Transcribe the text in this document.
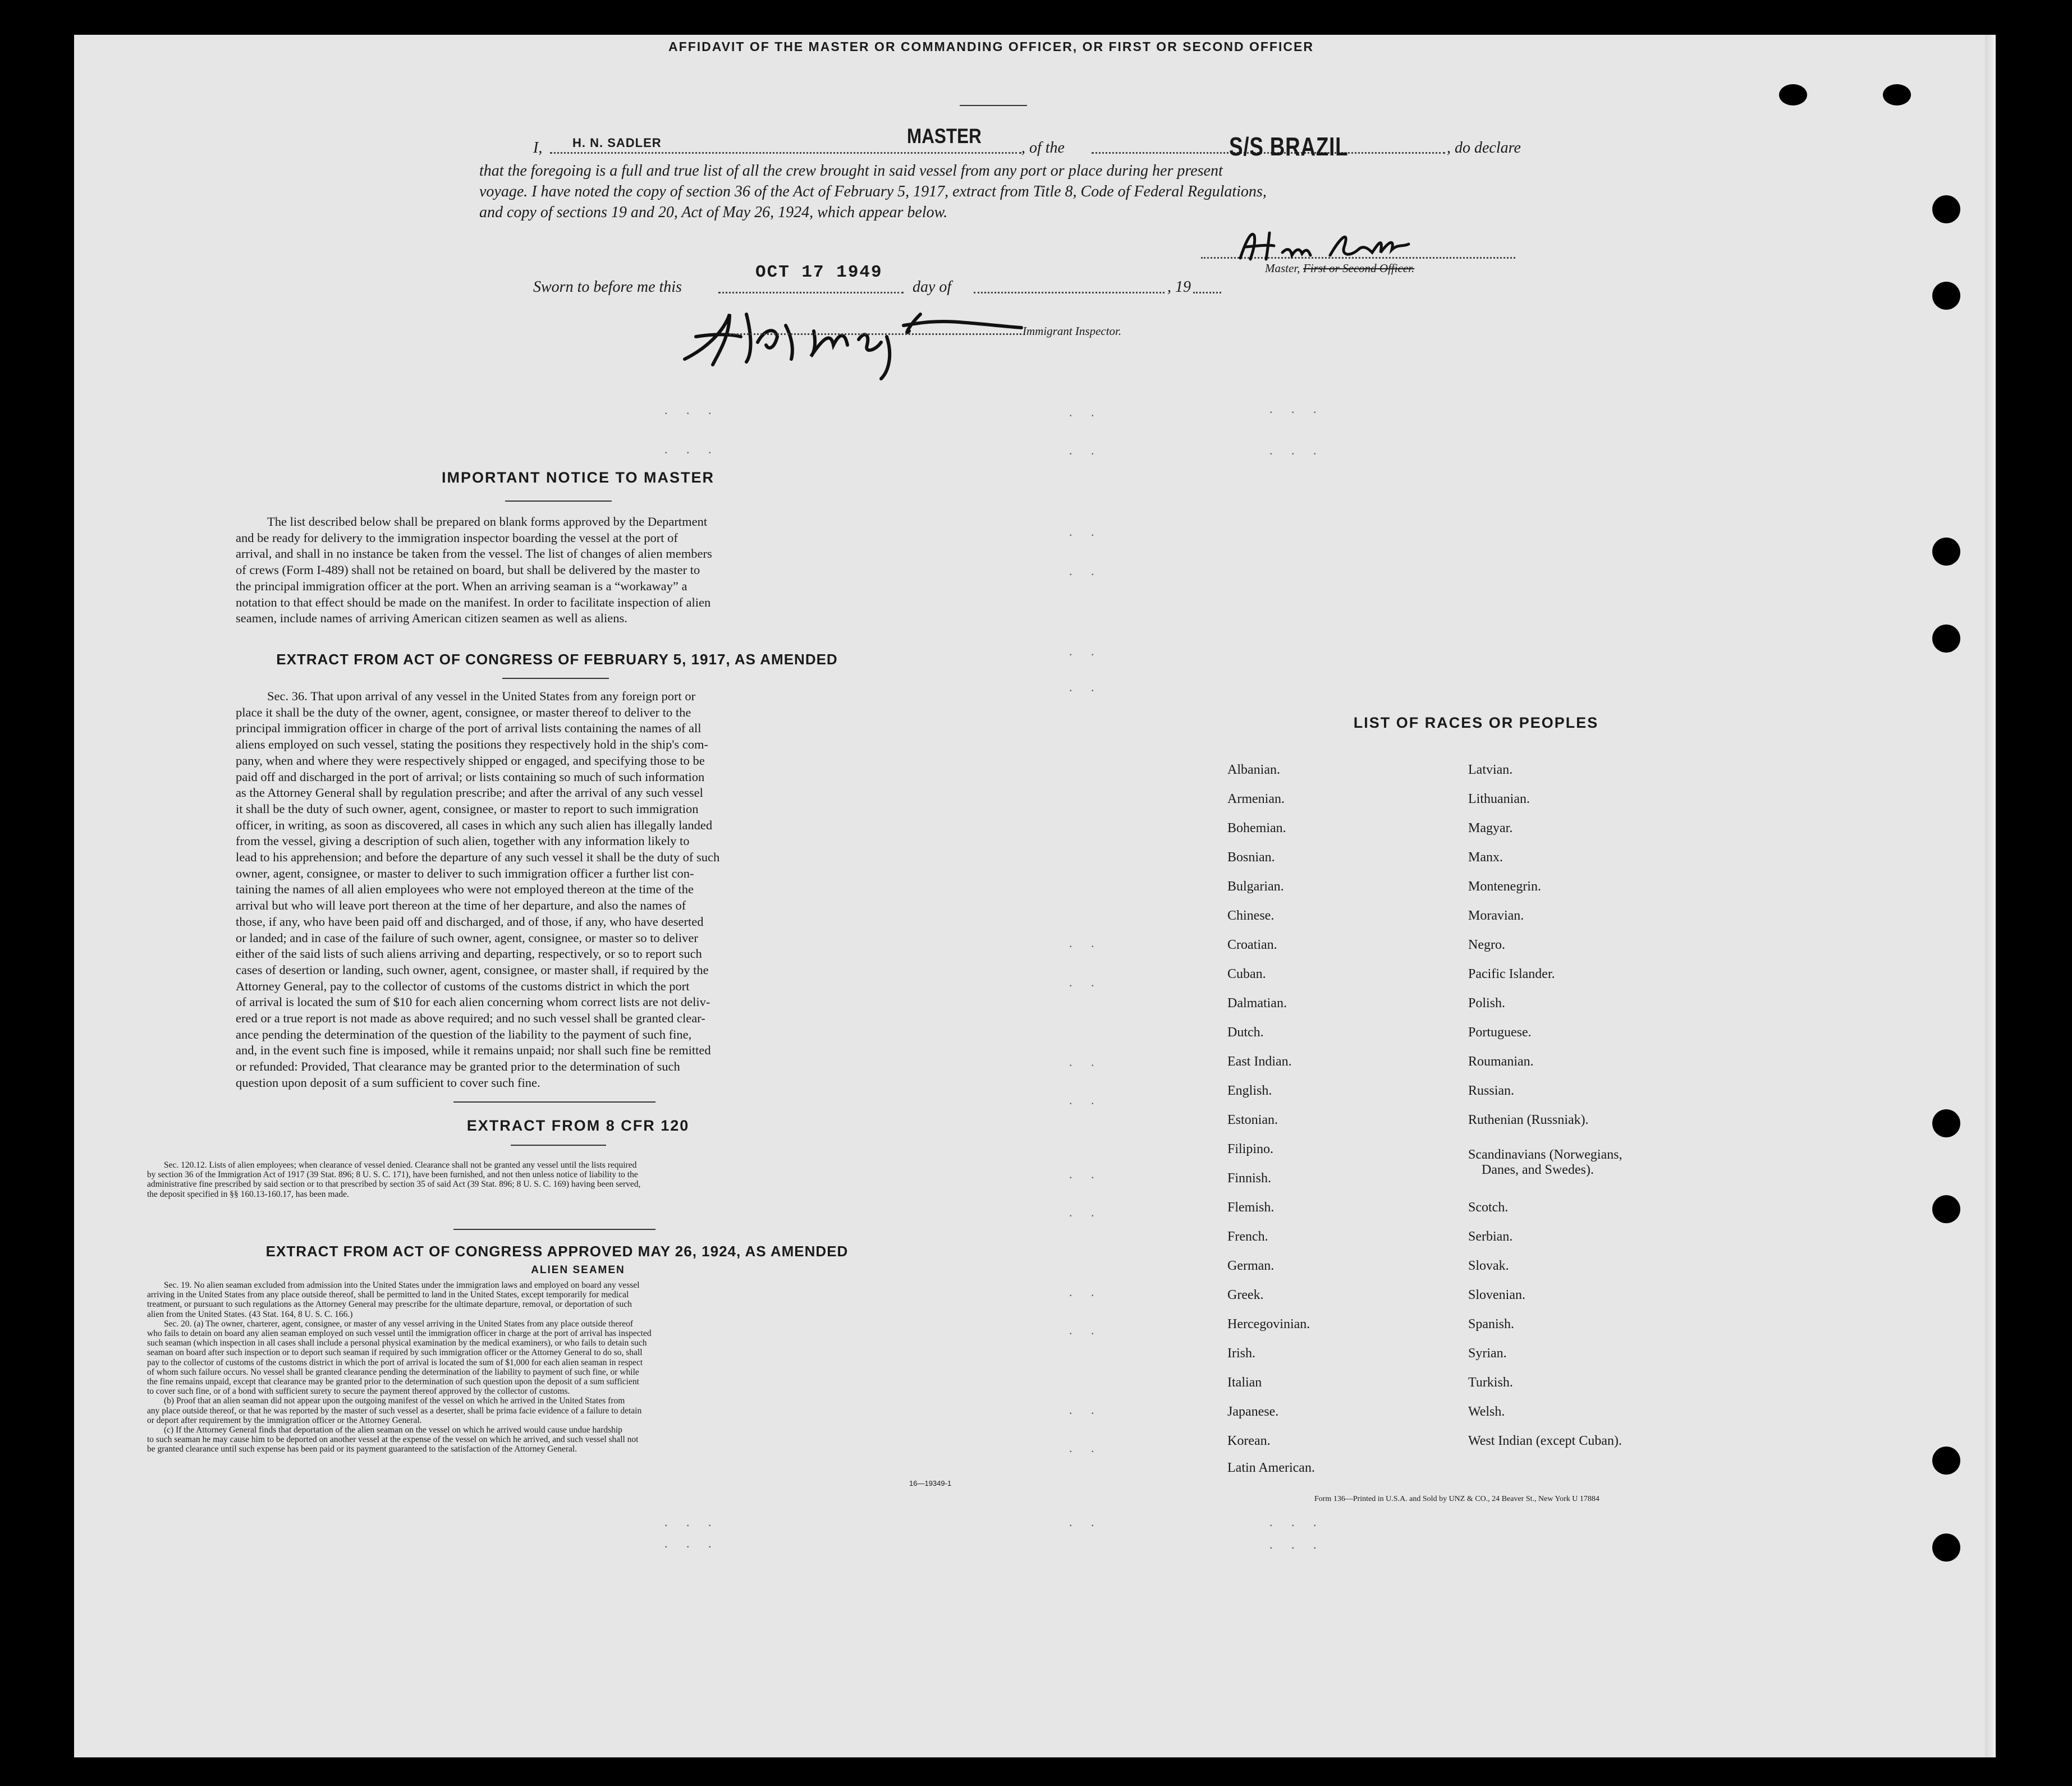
AFFIDAVIT OF THE MASTER OR COMMANDING OFFICER, OR FIRST OR SECOND OFFICER
I, H. N. SADLER	MASTER
, of the	S/S BRAZIL	, do declare
that the foregoing is a full and true list of all the crew brought in said vessel from any port or place during her present
voyage. I have noted the copy of section 36 of the Act of February 5, 1917, extract from Title 8, Code of Federal Regulations,
and copy of sections 19 and 20, Act of May 26, 1924, which appear below.
Master, First or Second Officer.
Sworn to before me this
OCT 17 1949
day of	, 19
Immigrant Inspector.
. . .
. . .
. . .
. . .
. .
. .
. .
. .
. .
. .
. .
. .
. .
. .
. .
. .
. .
. .
. .
. .
. .
. . .
. . .
. . .
. . .
IMPORTANT NOTICE TO MASTER
The list described below shall be prepared on blank forms approved by the Department
and be ready for delivery to the immigration inspector boarding the vessel at the port of
arrival, and shall in no instance be taken from the vessel. The list of changes of alien members
of crews (Form I-489) shall not be retained on board, but shall be delivered by the master to
the principal immigration officer at the port. When an arriving seaman is a “workaway” a
notation to that effect should be made on the manifest. In order to facilitate inspection of alien
seamen, include names of arriving American citizen seamen as well as aliens.
EXTRACT FROM ACT OF CONGRESS OF FEBRUARY 5, 1917, AS AMENDED
Sec. 36. That upon arrival of any vessel in the United States from any foreign port or
place it shall be the duty of the owner, agent, consignee, or master thereof to deliver to the
principal immigration officer in charge of the port of arrival lists containing the names of all
aliens employed on such vessel, stating the positions they respectively hold in the ship's com-
pany, when and where they were respectively shipped or engaged, and specifying those to be
paid off and discharged in the port of arrival; or lists containing so much of such information
as the Attorney General shall by regulation prescribe; and after the arrival of any such vessel
it shall be the duty of such owner, agent, consignee, or master to report to such immigration
officer, in writing, as soon as discovered, all cases in which any such alien has illegally landed
from the vessel, giving a description of such alien, together with any information likely to
lead to his apprehension; and before the departure of any such vessel it shall be the duty of such
owner, agent, consignee, or master to deliver to such immigration officer a further list con-
taining the names of all alien employees who were not employed thereon at the time of the
arrival but who will leave port thereon at the time of her departure, and also the names of
those, if any, who have been paid off and discharged, and of those, if any, who have deserted
or landed; and in case of the failure of such owner, agent, consignee, or master so to deliver
either of the said lists of such aliens arriving and departing, respectively, or so to report such
cases of desertion or landing, such owner, agent, consignee, or master shall, if required by the
Attorney General, pay to the collector of customs of the customs district in which the port
of arrival is located the sum of $10 for each alien concerning whom correct lists are not deliv-
ered or a true report is not made as above required; and no such vessel shall be granted clear-
ance pending the determination of the question of the liability to the payment of such fine,
and, in the event such fine is imposed, while it remains unpaid; nor shall such fine be remitted
or refunded: Provided, That clearance may be granted prior to the determination of such
question upon deposit of a sum sufficient to cover such fine.
EXTRACT FROM 8 CFR 120
Sec. 120.12. Lists of alien employees; when clearance of vessel denied. Clearance shall not be granted any vessel until the lists required
by section 36 of the Immigration Act of 1917 (39 Stat. 896; 8 U. S. C. 171), have been furnished, and not then unless notice of liability to the
administrative fine prescribed by said section or to that prescribed by section 35 of said Act (39 Stat. 896; 8 U. S. C. 169) having been served,
the deposit specified in §§ 160.13-160.17, has been made.
EXTRACT FROM ACT OF CONGRESS APPROVED MAY 26, 1924, AS AMENDED
ALIEN SEAMEN
Sec. 19. No alien seaman excluded from admission into the United States under the immigration laws and employed on board any vessel
arriving in the United States from any place outside thereof, shall be permitted to land in the United States, except temporarily for medical
treatment, or pursuant to such regulations as the Attorney General may prescribe for the ultimate departure, removal, or deportation of such
alien from the United States. (43 Stat. 164, 8 U. S. C. 166.)
Sec. 20. (a) The owner, charterer, agent, consignee, or master of any vessel arriving in the United States from any place outside thereof
who fails to detain on board any alien seaman employed on such vessel until the immigration officer in charge at the port of arrival has inspected
such seaman (which inspection in all cases shall include a personal physical examination by the medical examiners), or who fails to detain such
seaman on board after such inspection or to deport such seaman if required by such immigration officer or the Attorney General to do so, shall
pay to the collector of customs of the customs district in which the port of arrival is located the sum of $1,000 for each alien seaman in respect
of whom such failure occurs. No vessel shall be granted clearance pending the determination of the liability to payment of such fine, or while
the fine remains unpaid, except that clearance may be granted prior to the determination of such question upon the deposit of a sum sufficient
to cover such fine, or of a bond with sufficient surety to secure the payment thereof approved by the collector of customs.
(b) Proof that an alien seaman did not appear upon the outgoing manifest of the vessel on which he arrived in the United States from
any place outside thereof, or that he was reported by the master of such vessel as a deserter, shall be prima facie evidence of a failure to detain
or deport after requirement by the immigration officer or the Attorney General.
(c) If the Attorney General finds that deportation of the alien seaman on the vessel on which he arrived would cause undue hardship
to such seaman he may cause him to be deported on another vessel at the expense of the vessel on which he arrived, and such vessel shall not
be granted clearance until such expense has been paid or its payment guaranteed to the satisfaction of the Attorney General.
16—19349-1
LIST OF RACES OR PEOPLES
Albanian.
Armenian.
Bohemian.
Bosnian.
Bulgarian.
Chinese.
Croatian.
Cuban.
Dalmatian.
Dutch.
East Indian.
English.
Estonian.
Filipino.
Finnish.
Flemish.
French.
German.
Greek.
Hercegovinian.
Irish.
Italian
Japanese.
Korean.
Latin American.
Latvian.
Lithuanian.
Magyar.
Manx.
Montenegrin.
Moravian.
Negro.
Pacific Islander.
Polish.
Portuguese.
Roumanian.
Russian.
Ruthenian (Russniak).
Scandinavians (Norwegians,
Danes, and Swedes).
Scotch.
Serbian.
Slovak.
Slovenian.
Spanish.
Syrian.
Turkish.
Welsh.
West Indian (except Cuban).
Form 136—Printed in U.S.A. and Sold by UNZ & CO., 24 Beaver St., New York U 17884
